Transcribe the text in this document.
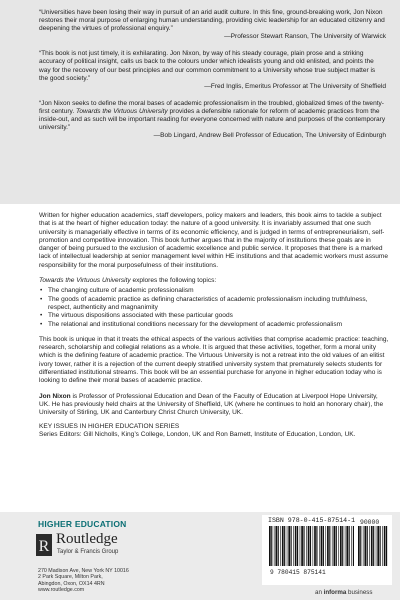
“Universities have been losing their way in pursuit of an arid audit culture. In this fine, ground-breaking work, Jon Nixon restores their moral purpose of enlarging human understanding, providing civic leadership for an educated citizenry and deepening the virtues of professional enquiry.”
—Professor Stewart Ranson, The University of Warwick
“This book is not just timely, it is exhilarating. Jon Nixon, by way of his steady courage, plain prose and a striking accuracy of political insight, calls us back to the colours under which idealists young and old enlisted, and points the way for the recovery of our best principles and our common commitment to a University whose true subject matter is the good society.”
—Fred Inglis, Emeritus Professor at The University of Sheffield
“Jon Nixon seeks to define the moral bases of academic professionalism in the troubled, globalized times of the twenty-first century. Towards the Virtuous University provides a defensible rationale for reform of academic practices from the inside-out, and as such will be important reading for everyone concerned with nature and purposes of the contemporary university.”
—Bob Lingard, Andrew Bell Professor of Education, The University of Edinburgh

Written for higher education academics, staff developers, policy makers and leaders, this book aims to tackle a subject that is at the heart of higher education today: the nature of a good university. It is invariably assumed that one such university is managerially effective in terms of its economic efficiency, and is judged in terms of entrepreneurialism, self-promotion and competitive innovation. This book further argues that in the majority of institutions these goals are in danger of being pursued to the exclusion of academic excellence and public service. It proposes that there is a marked lack of intellectual leadership at senior management level within HE institutions and that academic workers must assume responsibility for the moral purposefulness of their institutions.

Towards the Virtuous University explores the following topics:
• The changing culture of academic professionalism
• The goods of academic practice as defining characteristics of academic professionalism including truthfulness, respect, authenticity and magnanimity
• The virtuous dispositions associated with these particular goods
• The relational and institutional conditions necessary for the development of academic professionalism

This book is unique in that it treats the ethical aspects of the various activities that comprise academic practice: teaching, research, scholarship and collegial relations as a whole. It is argued that these activities, together, form a moral unity which is the defining feature of academic practice. The Virtuous University is not a retreat into the old values of an elitist ivory tower, rather it is a rejection of the current deeply stratified university system that prematurely selects students for differentiated institutional streams. This book will be an essential purchase for anyone in higher education today who is looking to define their moral bases of academic practice.

Jon Nixon is Professor of Professional Education and Dean of the Faculty of Education at Liverpool Hope University, UK. He has previously held chairs at the University of Sheffield, UK (where he continues to hold an honorary chair), the University of Stirling, UK and Canterbury Christ Church University, UK.

KEY ISSUES IN HIGHER EDUCATION SERIES
Series Editors: Gill Nicholls, King’s College, London, UK and Ron Barnett, Institute of Education, London, UK.
HIGHER EDUCATION
R Routledge
Taylor & Francis Group
270 Madison Ave, New York NY 10016
2 Park Square, Milton Park,
Abingdon, Oxon, OX14 4RN
www.routledge.com
ISBN 978-0-415-87514-1 90000
9 780415 875141
an informa business
